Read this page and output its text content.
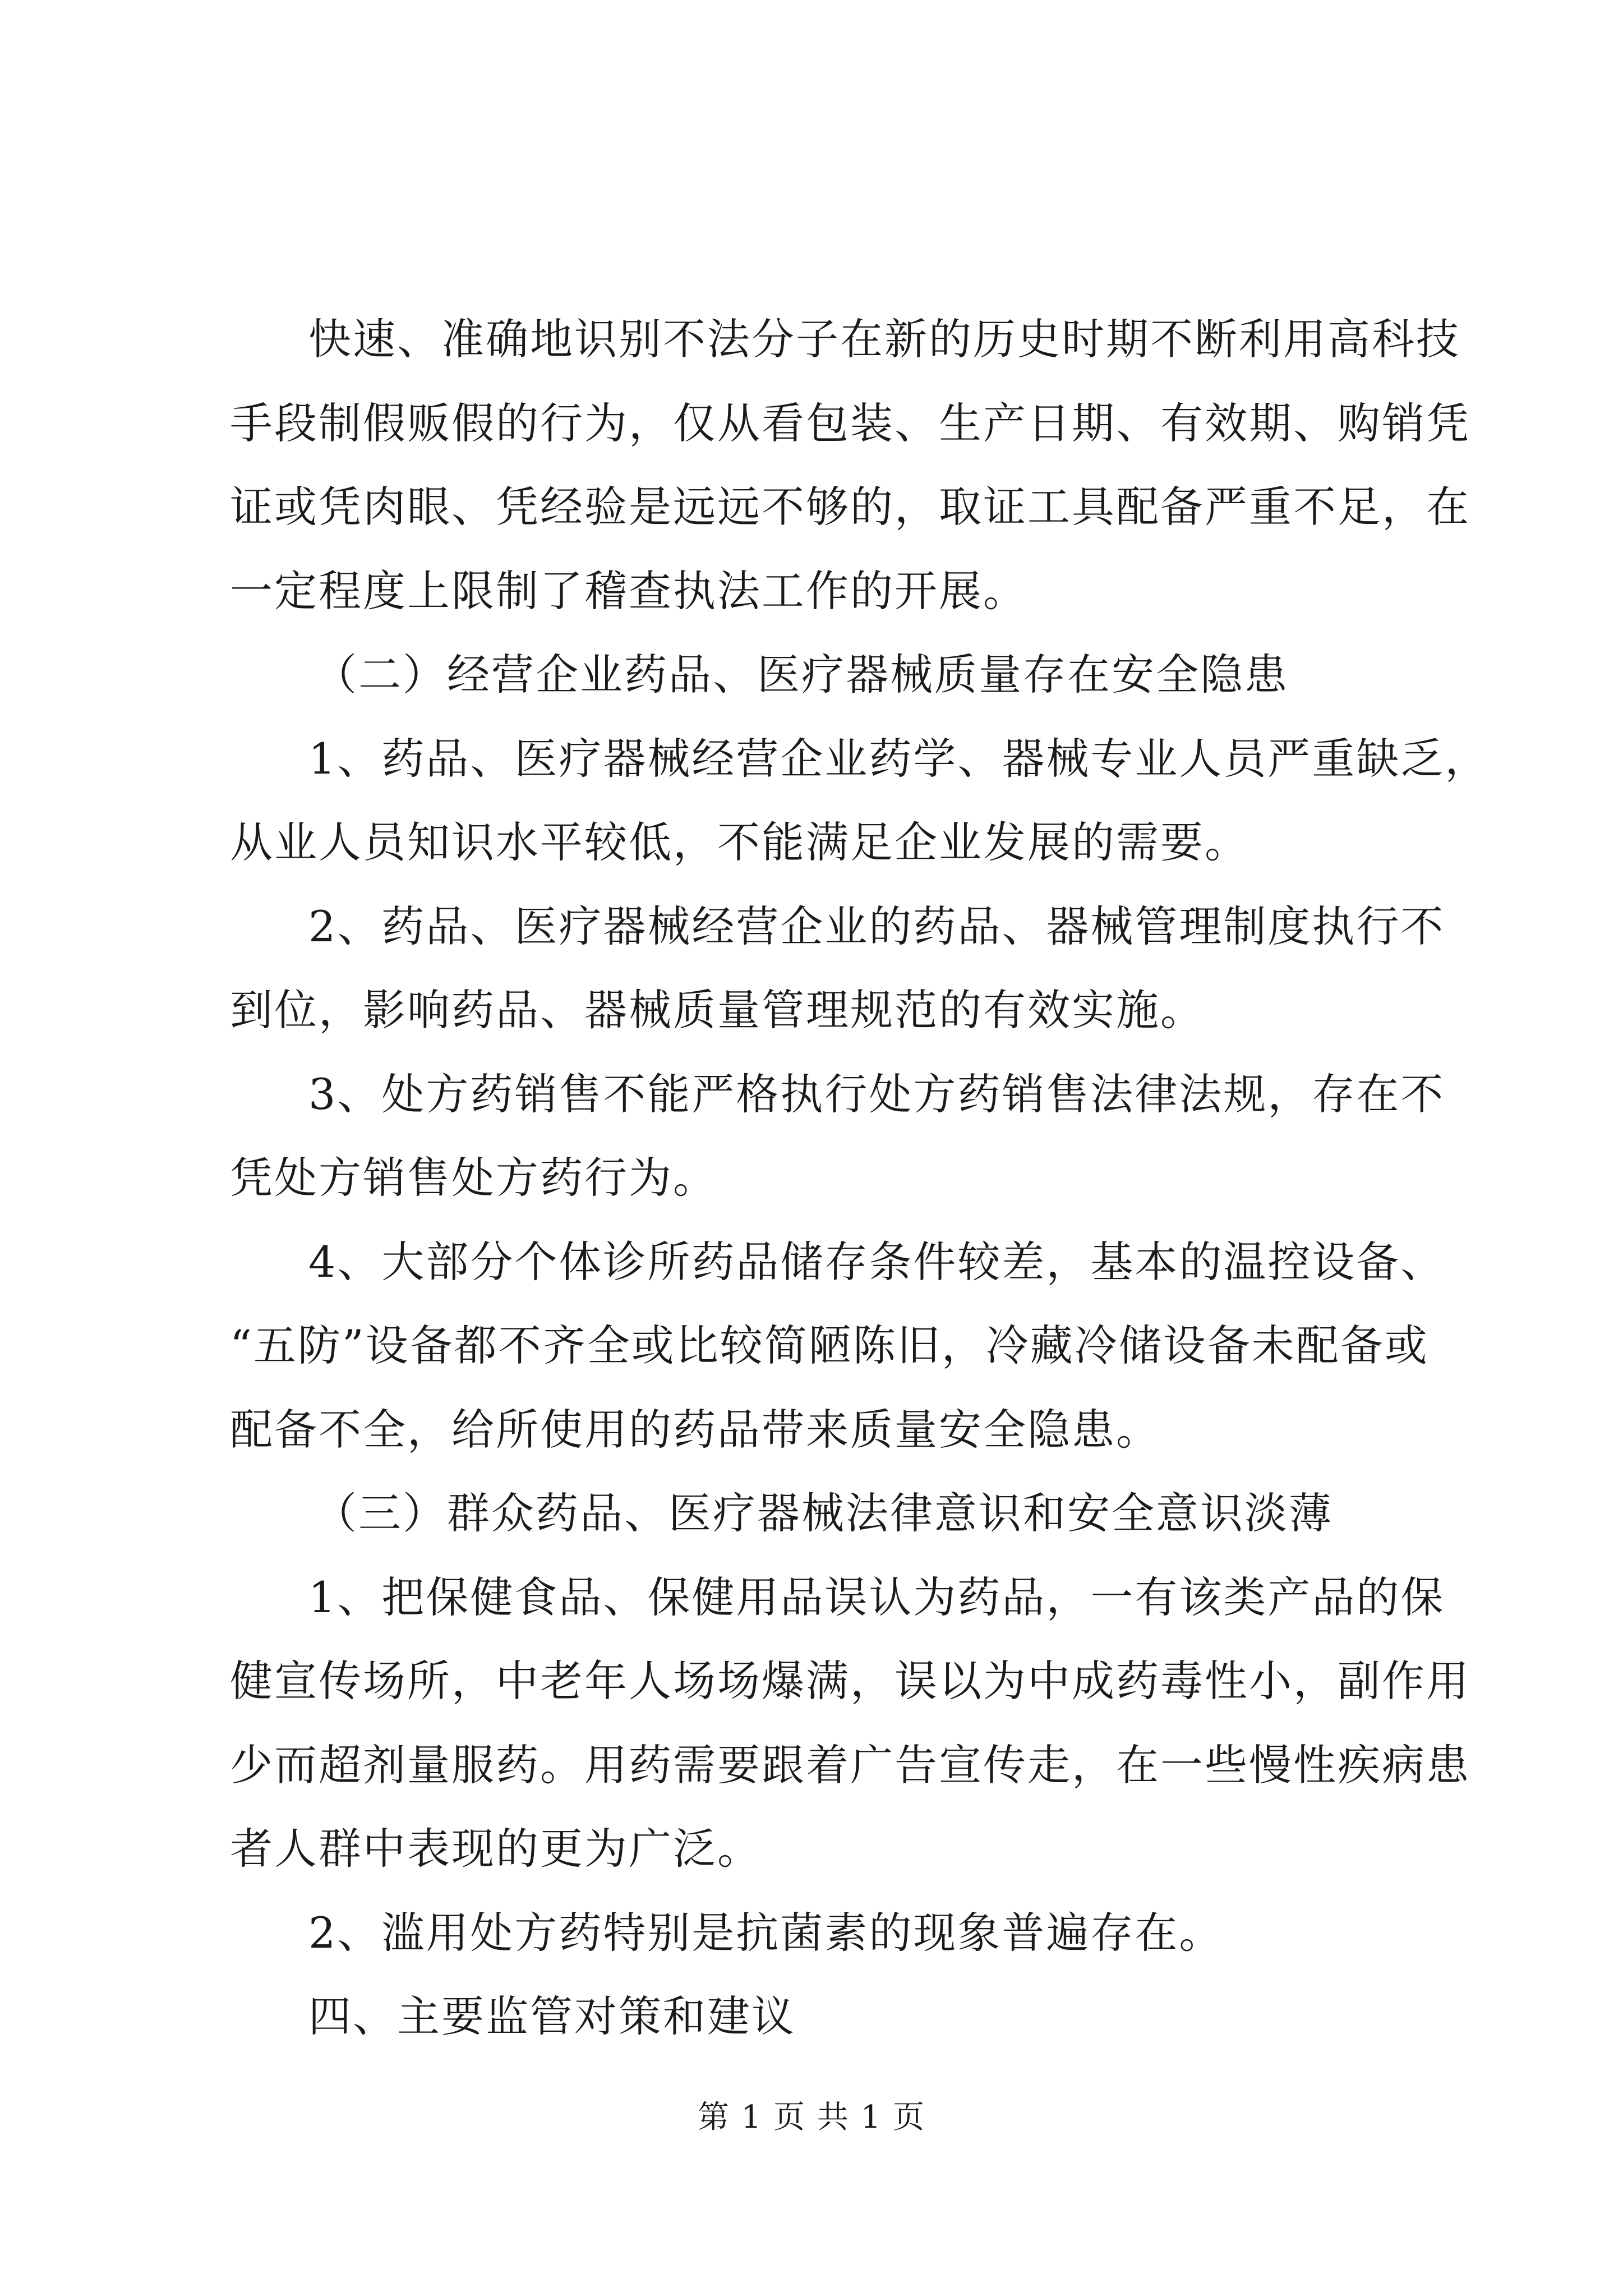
快速、准确地识别不法分子在新的历史时期不断利用高科技
手段制假贩假的行为，仅从看包装、生产日期、有效期、购销凭
证或凭肉眼、凭经验是远远不够的，取证工具配备严重不足，在
一定程度上限制了稽查执法工作的开展。
（二）经营企业药品、医疗器械质量存在安全隐患
1、药品、医疗器械经营企业药学、器械专业人员严重缺乏，
从业人员知识水平较低，不能满足企业发展的需要。
2、药品、医疗器械经营企业的药品、器械管理制度执行不
到位，影响药品、器械质量管理规范的有效实施。
3、处方药销售不能严格执行处方药销售法律法规，存在不
凭处方销售处方药行为。
4、大部分个体诊所药品储存条件较差，基本的温控设备、
“五防”设备都不齐全或比较简陋陈旧，冷藏冷储设备未配备或
配备不全，给所使用的药品带来质量安全隐患。
（三）群众药品、医疗器械法律意识和安全意识淡薄
1、把保健食品、保健用品误认为药品，一有该类产品的保
健宣传场所，中老年人场场爆满，误以为中成药毒性小，副作用
少而超剂量服药。用药需要跟着广告宣传走，在一些慢性疾病患
者人群中表现的更为广泛。
2、滥用处方药特别是抗菌素的现象普遍存在。
四、主要监管对策和建议
第 1 页 共 1 页
